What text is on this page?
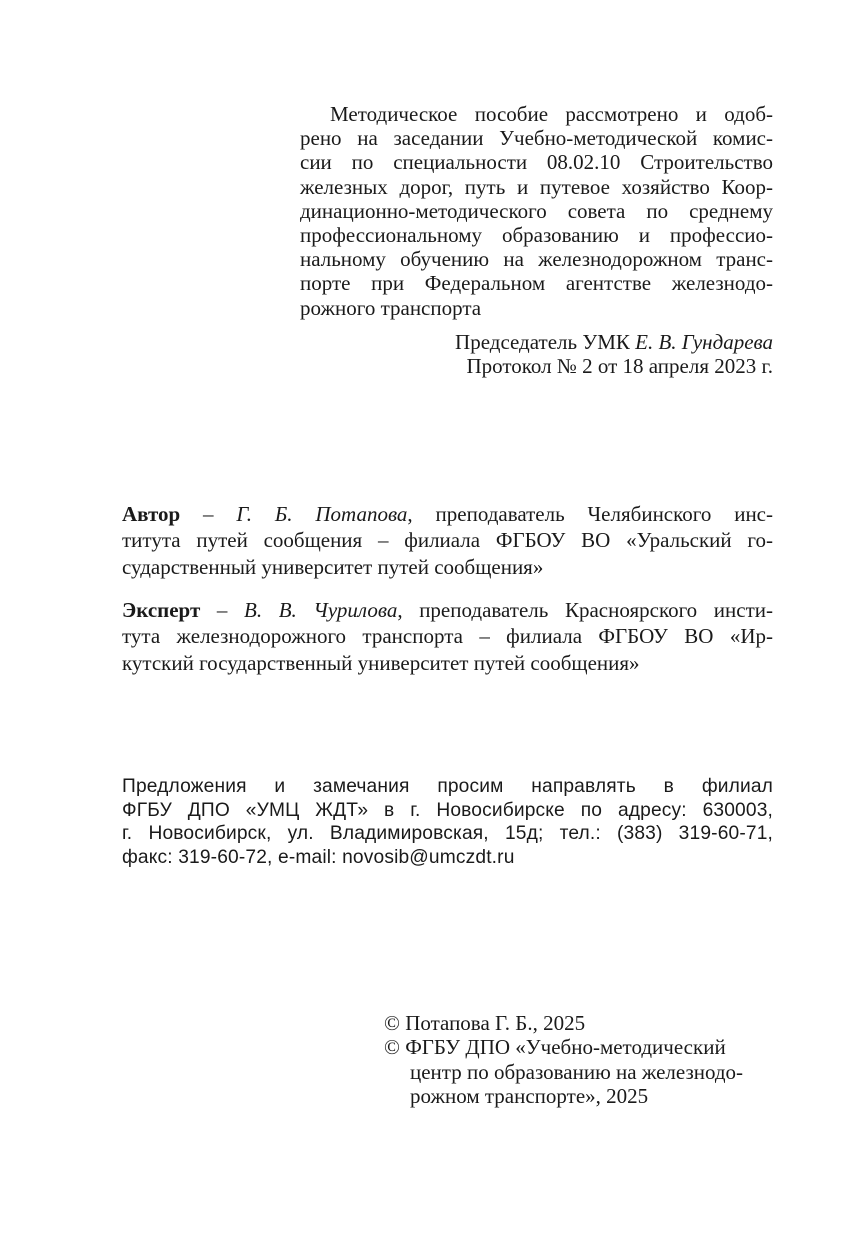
Методическое пособие рассмотрено и одоб-
рено на заседании Учебно-методической комис-
сии по специальности 08.02.10 Строительство
железных дорог, путь и путевое хозяйство Коор-
динационно-методического совета по среднему
профессиональному образованию и профессио-
нальному обучению на железнодорожном транс-
порте при Федеральном агентстве железнодо-
рожного транспорта
Председатель УМК Е. В. Гундарева
Протокол № 2 от 18 апреля 2023 г.
Автор – Г. Б. Потапова, преподаватель Челябинского инс-
титута путей сообщения – филиала ФГБОУ ВО «Уральский го-
сударственный университет путей сообщения»
Эксперт – В. В. Чурилова, преподаватель Красноярского инсти-
тута железнодорожного транспорта – филиала ФГБОУ ВО «Ир-
кутский государственный университет путей сообщения»
Предложения и замечания просим направлять в филиал
ФГБУ ДПО «УМЦ ЖДТ» в г. Новосибирске по адресу: 630003,
г. Новосибирск, ул. Владимировская, 15д; тел.: (383) 319-60-71,
факс: 319-60-72, e-mail: novosib@umczdt.ru
© Потапова Г. Б., 2025
© ФГБУ ДПО «Учебно-методический
центр по образованию на железнодо-
рожном транспорте», 2025
